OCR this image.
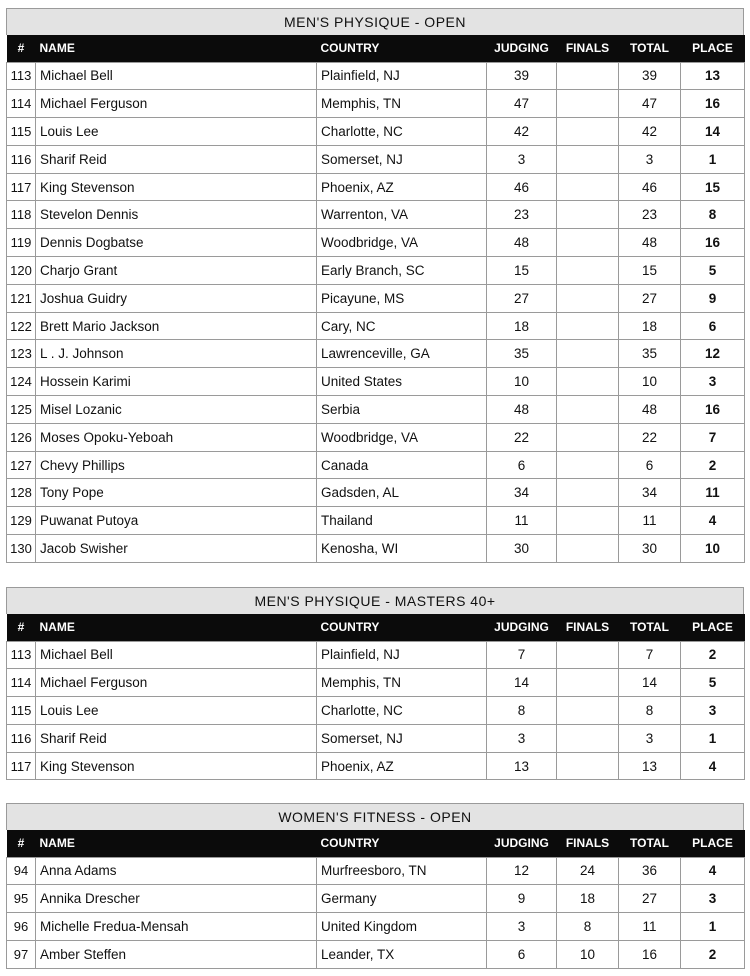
MEN'S PHYSIQUE - OPEN
#	NAME	COUNTRY	JUDGING	FINALS	TOTAL	PLACE
113	Michael Bell	Plainfield, NJ	39		39	13
114	Michael Ferguson	Memphis, TN	47		47	16
115	Louis Lee	Charlotte, NC	42		42	14
116	Sharif Reid	Somerset, NJ	3		3	1
117	King Stevenson	Phoenix, AZ	46		46	15
118	Stevelon Dennis	Warrenton, VA	23		23	8
119	Dennis Dogbatse	Woodbridge, VA	48		48	16
120	Charjo Grant	Early Branch, SC	15		15	5
121	Joshua Guidry	Picayune, MS	27		27	9
122	Brett Mario Jackson	Cary, NC	18		18	6
123	L . J. Johnson	Lawrenceville, GA	35		35	12
124	Hossein Karimi	United States	10		10	3
125	Misel Lozanic	Serbia	48		48	16
126	Moses Opoku-Yeboah	Woodbridge, VA	22		22	7
127	Chevy Phillips	Canada	6		6	2
128	Tony Pope	Gadsden, AL	34		34	11
129	Puwanat Putoya	Thailand	11		11	4
130	Jacob Swisher	Kenosha, WI	30		30	10
MEN'S PHYSIQUE - MASTERS 40+
#	NAME	COUNTRY	JUDGING	FINALS	TOTAL	PLACE
113	Michael Bell	Plainfield, NJ	7		7	2
114	Michael Ferguson	Memphis, TN	14		14	5
115	Louis Lee	Charlotte, NC	8		8	3
116	Sharif Reid	Somerset, NJ	3		3	1
117	King Stevenson	Phoenix, AZ	13		13	4
WOMEN'S FITNESS - OPEN
#	NAME	COUNTRY	JUDGING	FINALS	TOTAL	PLACE
94	Anna Adams	Murfreesboro, TN	12	24	36	4
95	Annika Drescher	Germany	9	18	27	3
96	Michelle Fredua-Mensah	United Kingdom	3	8	11	1
97	Amber Steffen	Leander, TX	6	10	16	2
